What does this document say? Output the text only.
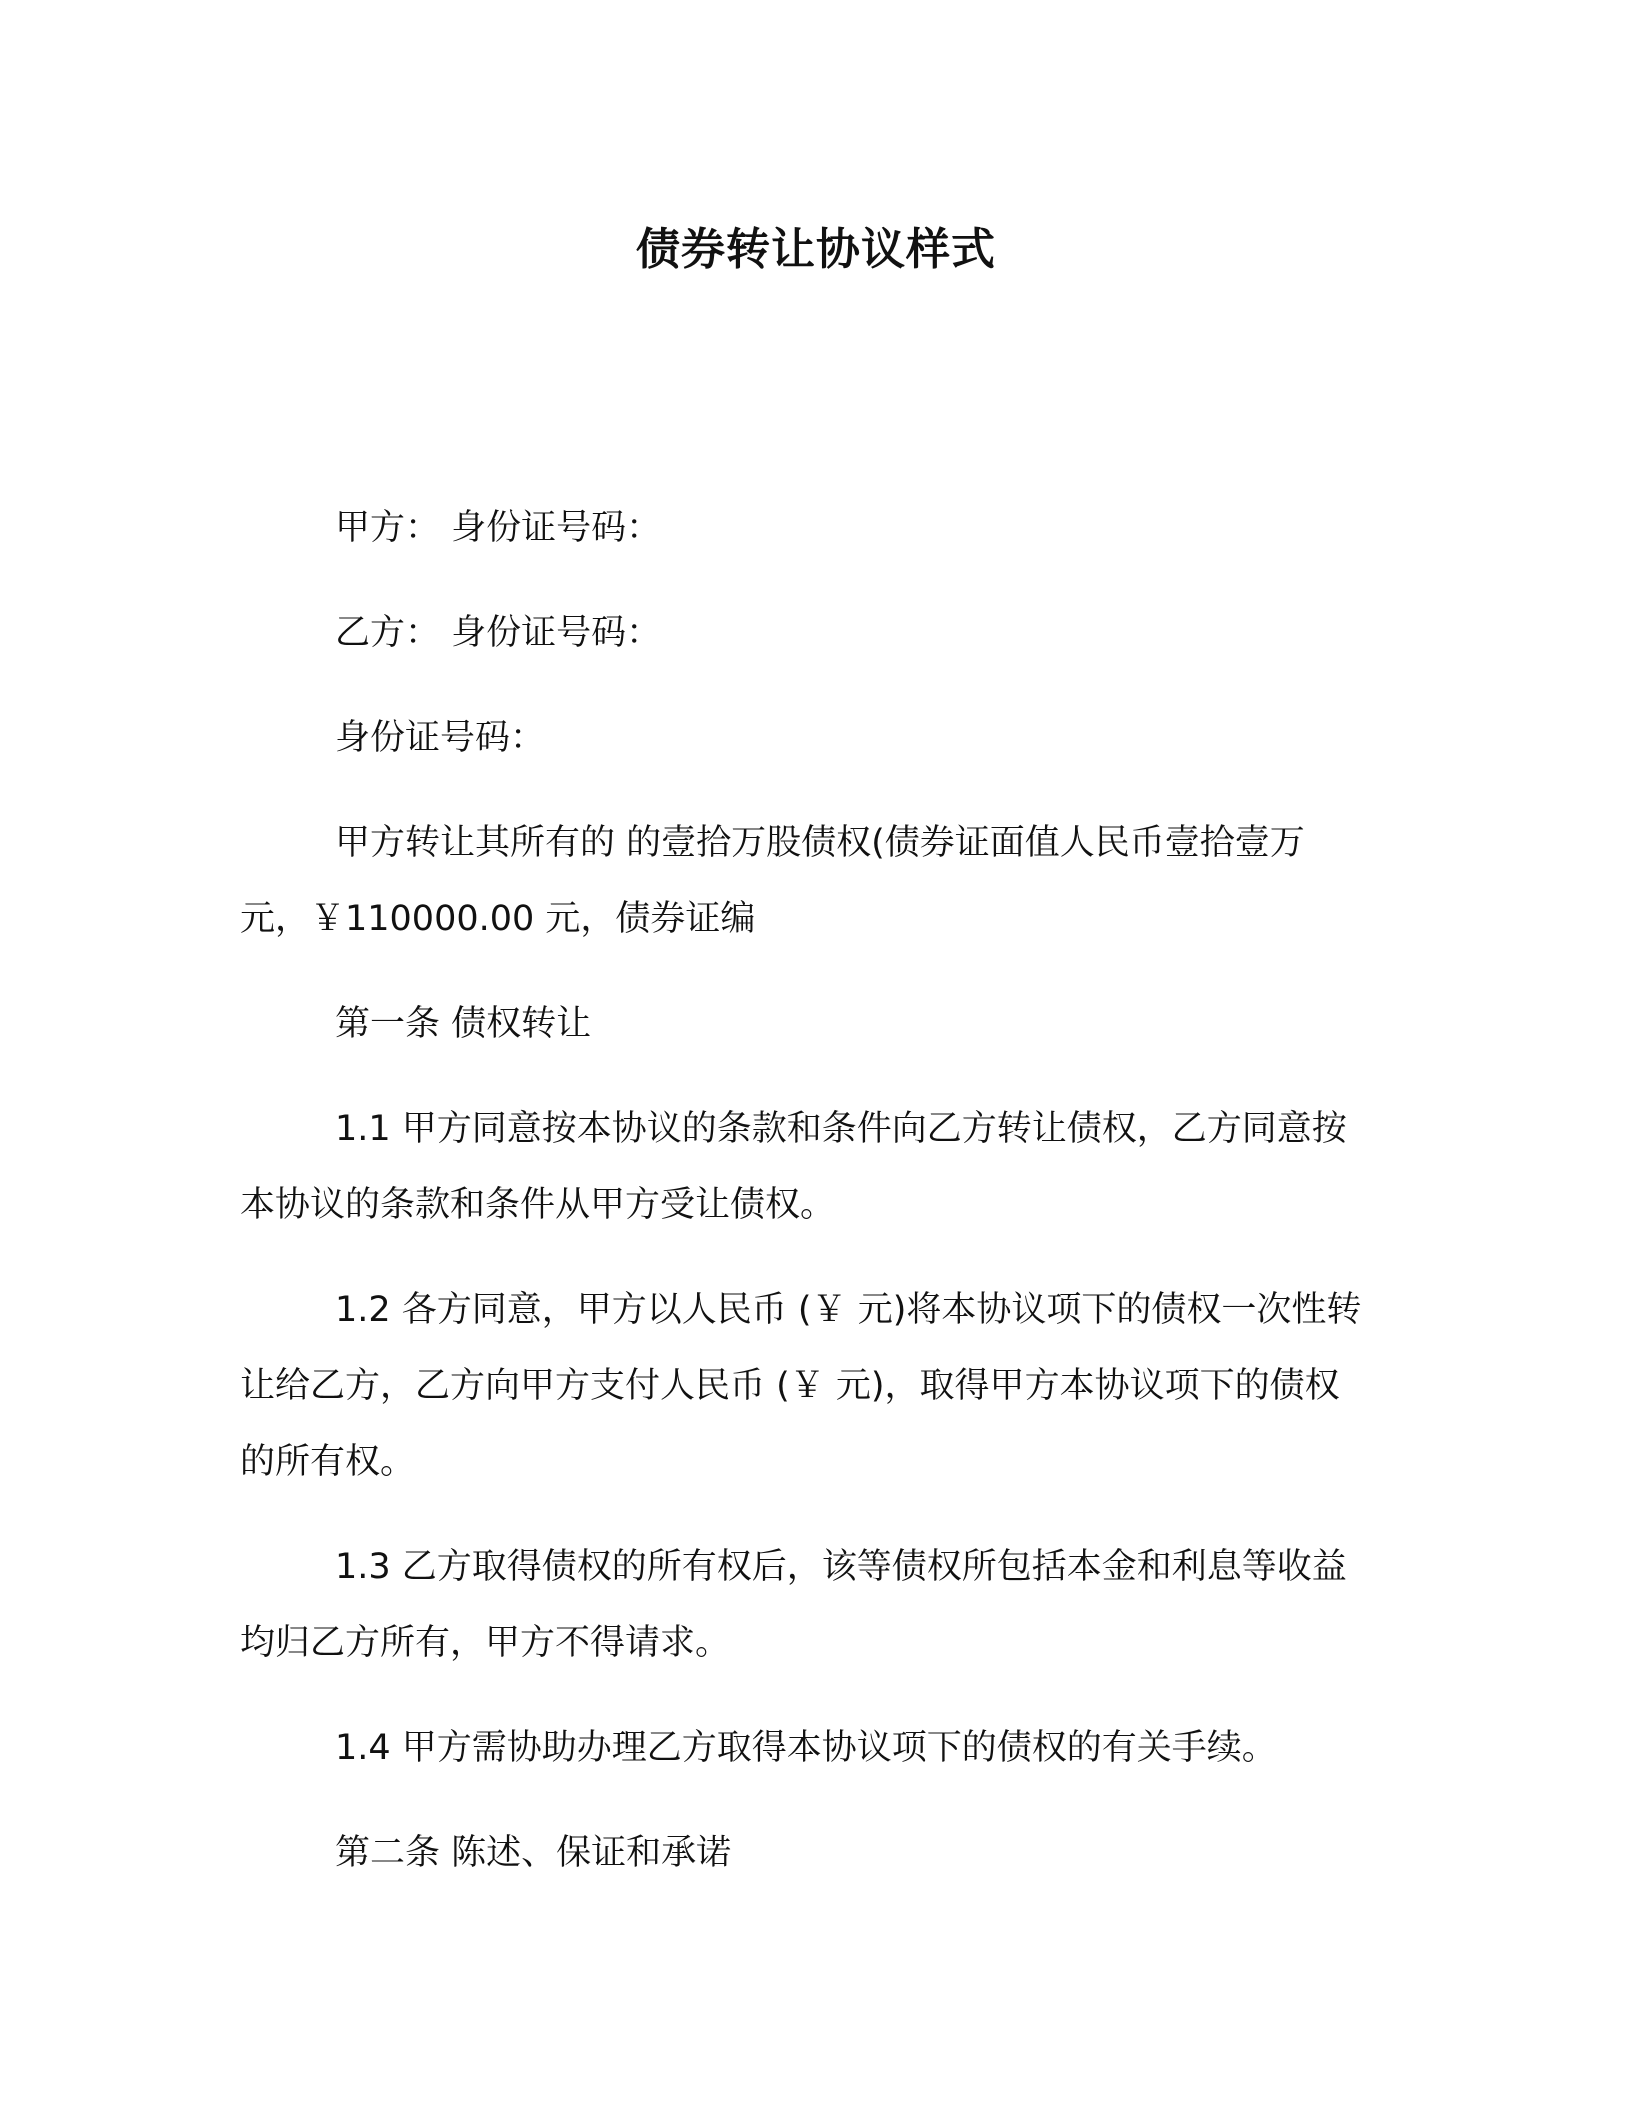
债券转让协议样式

甲方： 身份证号码：

乙方： 身份证号码：

身份证号码：

甲方转让其所有的 的壹拾万股债权(债券证面值人民币壹拾壹万元，￥110000.00 元，债券证编

第一条 债权转让

1.1 甲方同意按本协议的条款和条件向乙方转让债权，乙方同意按本协议的条款和条件从甲方受让债权。

1.2 各方同意，甲方以人民币 (￥ 元)将本协议项下的债权一次性转让给乙方，乙方向甲方支付人民币 (￥ 元)，取得甲方本协议项下的债权的所有权。

1.3 乙方取得债权的所有权后，该等债权所包括本金和利息等收益均归乙方所有，甲方不得请求。

1.4 甲方需协助办理乙方取得本协议项下的债权的有关手续。

第二条 陈述、保证和承诺
